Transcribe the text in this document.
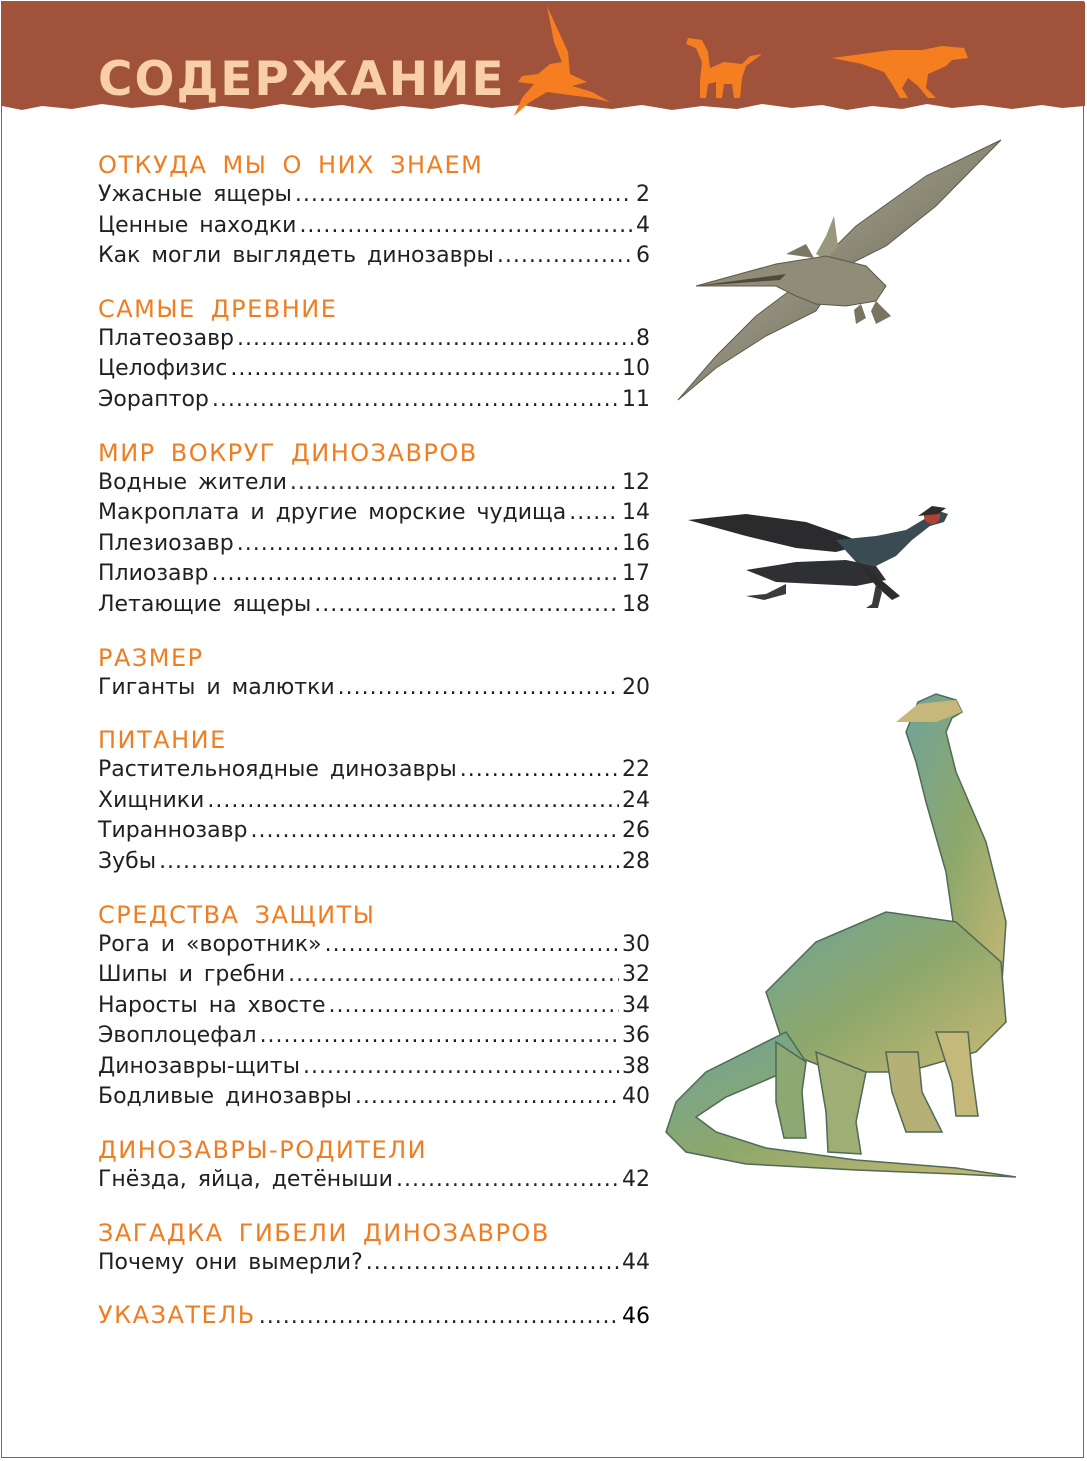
СОДЕРЖАНИЕ
ОТКУДА МЫ О НИХ ЗНАЕМ
Ужасные ящеры .....	2
Ценные находки .....	4
Как могли выглядеть динозавры .....	6
САМЫЕ ДРЕВНИЕ
Платеозавр .....	8
Целофизис .....	10
Эораптор .....	11
МИР ВОКРУГ ДИНОЗАВРОВ
Водные жители .....	12
Макроплата и другие морские чудища .....	14
Плезиозавр .....	16
Плиозавр .....	17
Летающие ящеры .....	18
РАЗМЕР
Гиганты и малютки .....	20
ПИТАНИЕ
Растительноядные динозавры .....	22
Хищники .....	24
Тираннозавр .....	26
Зубы .....	28
СРЕДСТВА ЗАЩИТЫ
Рога и «воротник» .....	30
Шипы и гребни .....	32
Наросты на хвосте .....	34
Эвоплоцефал .....	36
Динозавры-щиты .....	38
Бодливые динозавры .....	40
ДИНОЗАВРЫ-РОДИТЕЛИ
Гнёзда, яйца, детёныши .....	42
ЗАГАДКА ГИБЕЛИ ДИНОЗАВРОВ
Почему они вымерли? .....	44
УКАЗАТЕЛЬ .....	46
